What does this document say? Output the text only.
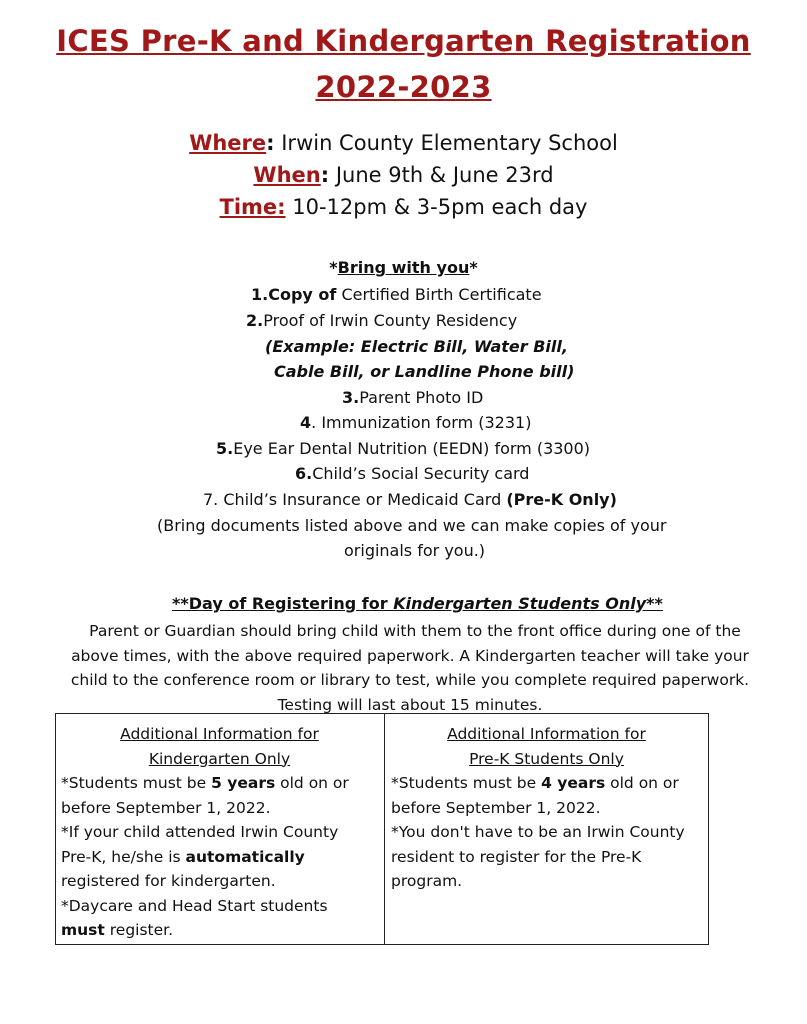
ICES Pre-K and Kindergarten Registration
2022-2023
Where: Irwin County Elementary School
When: June 9th & June 23rd
Time: 10-12pm & 3-5pm each day
*Bring with you*
1.Copy of Certified Birth Certificate
2.Proof of Irwin County Residency
(Example: Electric Bill, Water Bill,
Cable Bill, or Landline Phone bill)
3.Parent Photo ID
4. Immunization form (3231)
5.Eye Ear Dental Nutrition (EEDN) form (3300)
6.Child’s Social Security card
7. Child’s Insurance or Medicaid Card (Pre-K Only)
(Bring documents listed above and we can make copies of your
originals for you.)
**Day of Registering for Kindergarten Students Only**
Parent or Guardian should bring child with them to the front office during one of the
above times, with the above required paperwork. A Kindergarten teacher will take your
child to the conference room or library to test, while you complete required paperwork.
Testing will last about 15 minutes.
Additional Information for
Kindergarten Only
*Students must be 5 years old on or
before September 1, 2022.
*If your child attended Irwin County
Pre-K, he/she is automatically
registered for kindergarten.
*Daycare and Head Start students
must register.
Additional Information for
Pre-K Students Only
*Students must be 4 years old on or
before September 1, 2022.
*You don't have to be an Irwin County
resident to register for the Pre-K
program.
